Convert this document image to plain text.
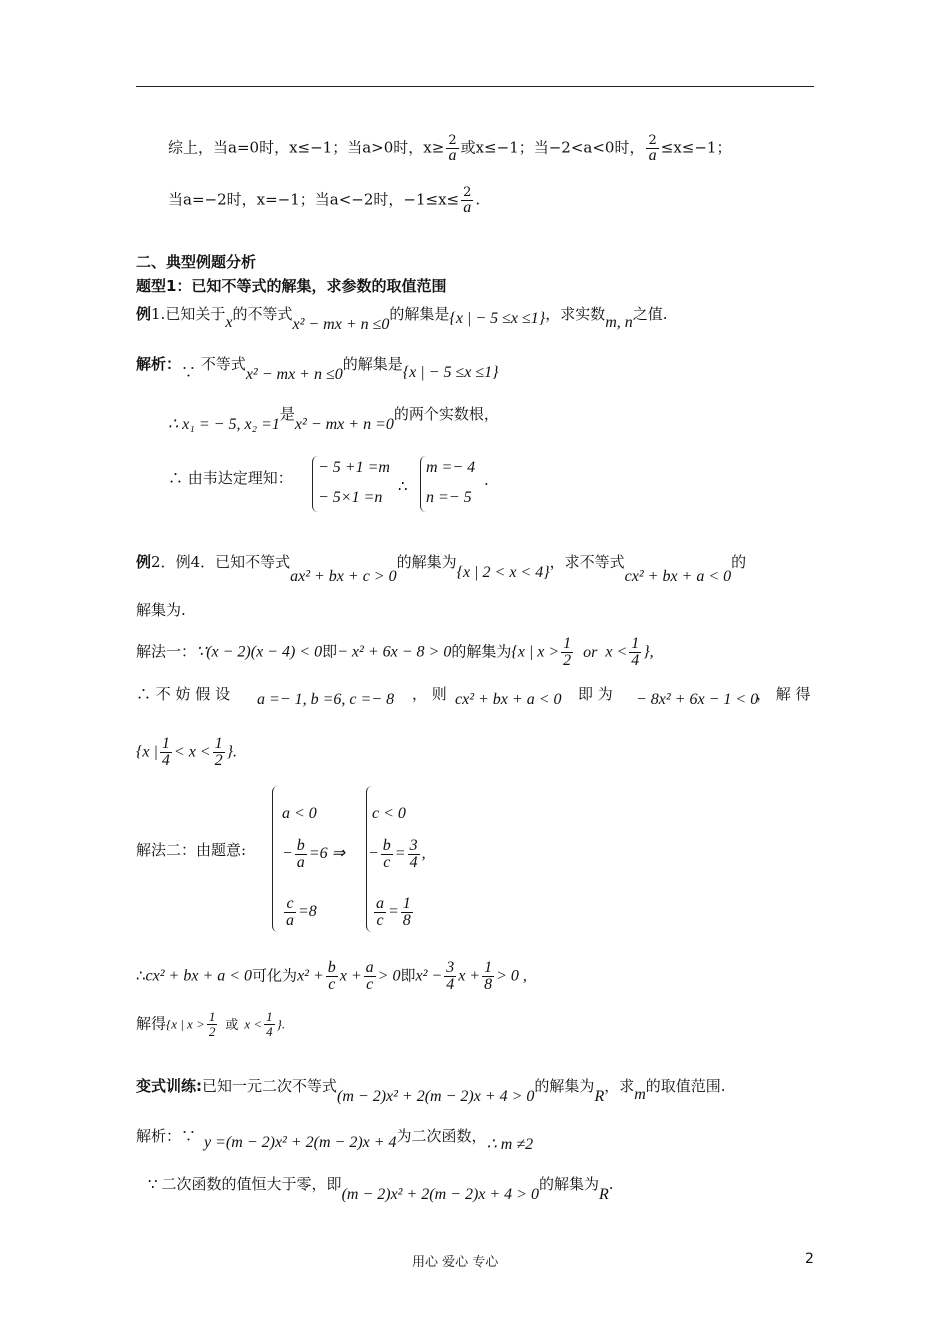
综上，当a=0时，x≤−1；当a>0时，$x\ge \frac{2}{a}$ 或x≤−1；当−2<a<0时， $\frac{2}{a} \le x\le-1$；
当a=−2时，x=−1；当a<−2时，$-1\le x\le \frac{2}{a}$ .
二、典型例题分析
题型1：已知不等式的解集，求参数的取值范围
例1.已知关于x的不等式x² − mx + n ≤0的解集是{x | − 5 ≤x ≤1}，求实数m, n之值.
解析：∵ 不等式x² − mx + n ≤0的解集是{x | − 5 ≤x ≤1}
∴ x₁ = − 5, x₂ =1是x² − mx + n =0的两个实数根，
∴ 由韦达定理知：
− 5 +1 =m
− 5×1 =n
∴
m =− 4
n =− 5
.
例2．例4．已知不等式ax² + bx + c > 0的解集为{x | 2 < x < 4}，求不等式cx² + bx + a < 0的
解集为.
解法一：∵(x − 2)(x − 4) < 0即− x² + 6x − 8 > 0的解集为{x | $x > \frac{1}{2}$ or $x < \frac{1}{4}$ },
∴ 不 妨 假 设 a =− 1, b =6, c =− 8 ， 则 cx² + bx + a < 0 即 为 − 8x² + 6x − 1 < 0
， 解 得
{x | $\frac{1}{4} < x < \frac{1}{2}$ }.
解法二：由题意:
a < 0
− $\frac{b}{a} =6$ ⇒
$\frac{c}{a} =8$
c < 0
− $\frac{b}{c} = \frac{3}{4}$ ,
$\frac{a}{c} = \frac{1}{8}$
∴cx² + bx + a < 0可化为$x^2 + \frac{b}{c}$ $x + \frac{a}{c} > 0$即$x^2 - \frac{3}{4}$ $x + \frac{1}{8} > 0$ ,
解得{x | $x > \frac{1}{2}$ 或 $x < \frac{1}{4}$ }.
变式训练:已知一元二次不等式(m − 2)x² + 2(m − 2)x + 4 > 0的解集为R，求m的取值范围.
解析：∵ y =(m − 2)x² + 2(m − 2)x + 4为二次函数，∴ m ≠2
∵ 二次函数的值恒大于零，即(m − 2)x² + 2(m − 2)x + 4 > 0的解集为R.
用心 爱心 专心	2
